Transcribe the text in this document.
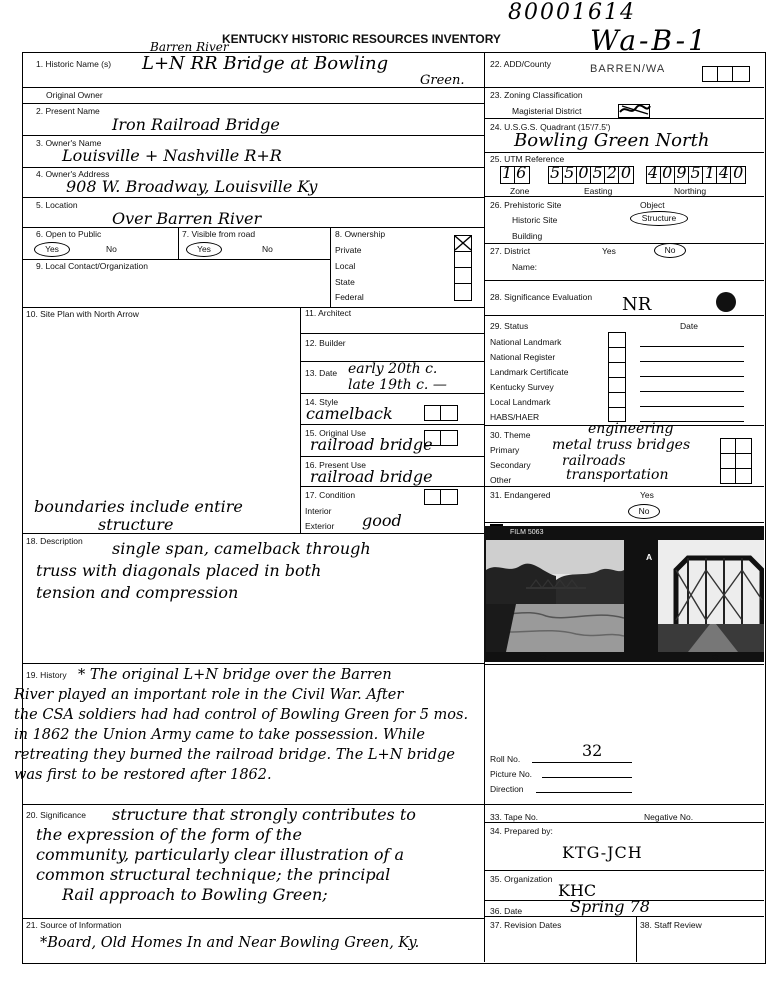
80001614
KENTUCKY HISTORIC RESOURCES INVENTORY	Wa-B-1
1. Historic Name (s)
Barren River
L+N RR Bridge at Bowling
Green.
Original Owner
2. Present Name
Iron Railroad Bridge
3. Owner's Name
Louisville + Nashville R+R
4. Owner's Address
908 W. Broadway, Louisville Ky
5. Location
Over Barren River
6. Open to Public
Yes	No
7. Visible from road
Yes	No
8. Ownership
Private
Local
State
Federal
9. Local Contact/Organization
10. Site Plan with North Arrow
boundaries include entire
structure
11. Architect
12. Builder
13. Date early 20th c.
late 19th c. —
14. Style
camelback
15. Original Use
railroad bridge
16. Present Use
railroad bridge
17. Condition
Interior
Exterior good
18. Description single span, camelback through
truss with diagonals placed in both
tension and compression
19. History * The original L+N bridge over the Barren
River played an important role in the Civil War. After
the CSA soldiers had had control of Bowling Green for 5 mos.
in 1862 the Union Army came to take possession. While
retreating they burned the railroad bridge. The L+N bridge
was first to be restored after 1862.
20. Significance structure that strongly contributes to
the expression of the form of the
community, particularly clear illustration of a
common structural technique; the principal
Rail approach to Bowling Green;
21. Source of Information
*Board, Old Homes In and Near Bowling Green, Ky.
22. ADD/County	BARREN/WA
23. Zoning Classification
Magisterial District
24. U.S.G.S. Quadrant (15'/7.5')
Bowling Green North
25. UTM Reference
16 550520 4095140
Zone	Easting	Northing
26. Prehistoric Site	Object
Historic Site	Structure
Building
27. District	Yes	No
Name:
28. Significance Evaluation NR
29. Status	Date
National Landmark
National Register
Landmark Certificate
Kentucky Survey
Local Landmark
HABS/HAER
30. Theme	engineering
Primary metal truss bridges
Secondary railroads
Other	transportation
31. Endangered	Yes
No
FILM 5063
A
*	*
Roll No.	32
Picture No.
Direction
33. Tape No.	Negative No.
34. Prepared by:
KTG-JCH
35. Organization
KHC
36. Date	Spring 78
37. Revision Dates	38. Staff Review
